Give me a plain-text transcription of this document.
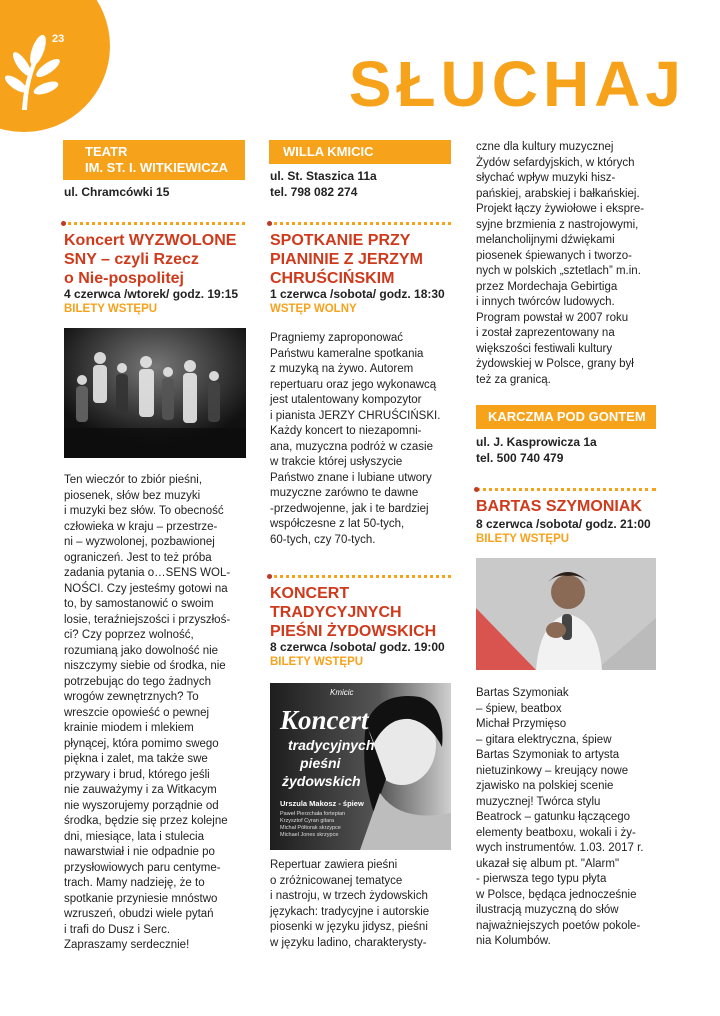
23
SŁUCHAJ
TEATR
IM. ST. I. WITKIEWICZA
ul. Chramcówki 15
Koncert WYZWOLONE
SNY – czyli Rzecz
o Nie-pospolitej
4 czerwca /wtorek/ godz. 19:15
BILETY WSTĘPU
Ten wieczór to zbiór pieśni,
piosenek, słów bez muzyki
i muzyki bez słów. To obecność
człowieka w kraju – przestrze-
ni – wyzwolonej, pozbawionej
ograniczeń. Jest to też próba
zadania pytania o…SENS WOL-
NOŚCI. Czy jesteśmy gotowi na
to, by samostanowić o swoim
losie, teraźniejszości i przyszłoś-
ci? Czy poprzez wolność,
rozumianą jako dowolność nie
niszczymy siebie od środka, nie
potrzebując do tego żadnych
wrogów zewnętrznych? To
wreszcie opowieść o pewnej
krainie miodem i mlekiem
płynącej, która pomimo swego
piękna i zalet, ma także swe
przywary i brud, którego jeśli
nie zauważymy i za Witkacym
nie wyszorujemy porządnie od
środka, będzie się przez kolejne
dni, miesiące, lata i stulecia
nawarstwiał i nie odpadnie po
przysłowiowych paru centyme-
trach. Mamy nadzieję, że to
spotkanie przyniesie mnóstwo
wzruszeń, obudzi wiele pytań
i trafi do Dusz i Serc.
Zapraszamy serdecznie!
WILLA KMICIC
ul. St. Staszica 11a
tel. 798 082 274
SPOTKANIE PRZY
PIANINIE Z JERZYM
CHRUŚCIŃSKIM
1 czerwca /sobota/ godz. 18:30
WSTĘP WOLNY
Pragniemy zaproponować
Państwu kameralne spotkania
z muzyką na żywo. Autorem
repertuaru oraz jego wykonawcą
jest utalentowany kompozytor
i pianista JERZY CHRUŚCIŃSKI.
Każdy koncert to niezapomni-
ana, muzyczna podróż w czasie
w trakcie której usłyszycie
Państwo znane i lubiane utwory
muzyczne zarówno te dawne
-przedwojenne, jak i te bardziej
współczesne z lat 50-tych,
60-tych, czy 70-tych.
KONCERT
TRADYCYJNYCH
PIEŚNI ŻYDOWSKICH
8 czerwca /sobota/ godz. 19:00
BILETY WSTĘPU
Kmicic
Koncert
tradycyjnych
pieśni
żydowskich
Urszula Makosz - śpiew
Paweł Pierzchała fortepian
Krzysztof Cyran gitara
Michał Półtorak skrzypce
Michael Jones skrzypce
Repertuar zawiera pieśni
o zróżnicowanej tematyce
i nastroju, w trzech żydowskich
językach: tradycyjne i autorskie
piosenki w języku jidysz, pieśni
w języku ladino, charakterysty-
czne dla kultury muzycznej
Żydów sefardyjskich, w których
słychać wpływ muzyki hisz-
pańskiej, arabskiej i bałkańskiej.
Projekt łączy żywiołowe i ekspre-
syjne brzmienia z nastrojowymi,
melancholijnymi dźwiękami
piosenek śpiewanych i tworzo-
nych w polskich „sztetlach” m.in.
przez Mordechaja Gebirtiga
i innych twórców ludowych.
Program powstał w 2007 roku
i został zaprezentowany na
większości festiwali kultury
żydowskiej w Polsce, grany był
też za granicą.
KARCZMA POD GONTEM
ul. J. Kasprowicza 1a
tel. 500 740 479
BARTAS SZYMONIAK
8 czerwca /sobota/ godz. 21:00
BILETY WSTĘPU
Bartas Szymoniak
– śpiew, beatbox
Michał Przymięso
– gitara elektryczna, śpiew
Bartas Szymoniak to artysta
nietuzinkowy – kreujący nowe
zjawisko na polskiej scenie
muzycznej! Twórca stylu
Beatrock – gatunku łączącego
elementy beatboxu, wokali i ży-
wych instrumentów. 1.03. 2017 r.
ukazał się album pt. "Alarm"
- pierwsza tego typu płyta
w Polsce, będąca jednocześnie
ilustracją muzyczną do słów
najważniejszych poetów pokole-
nia Kolumbów.
